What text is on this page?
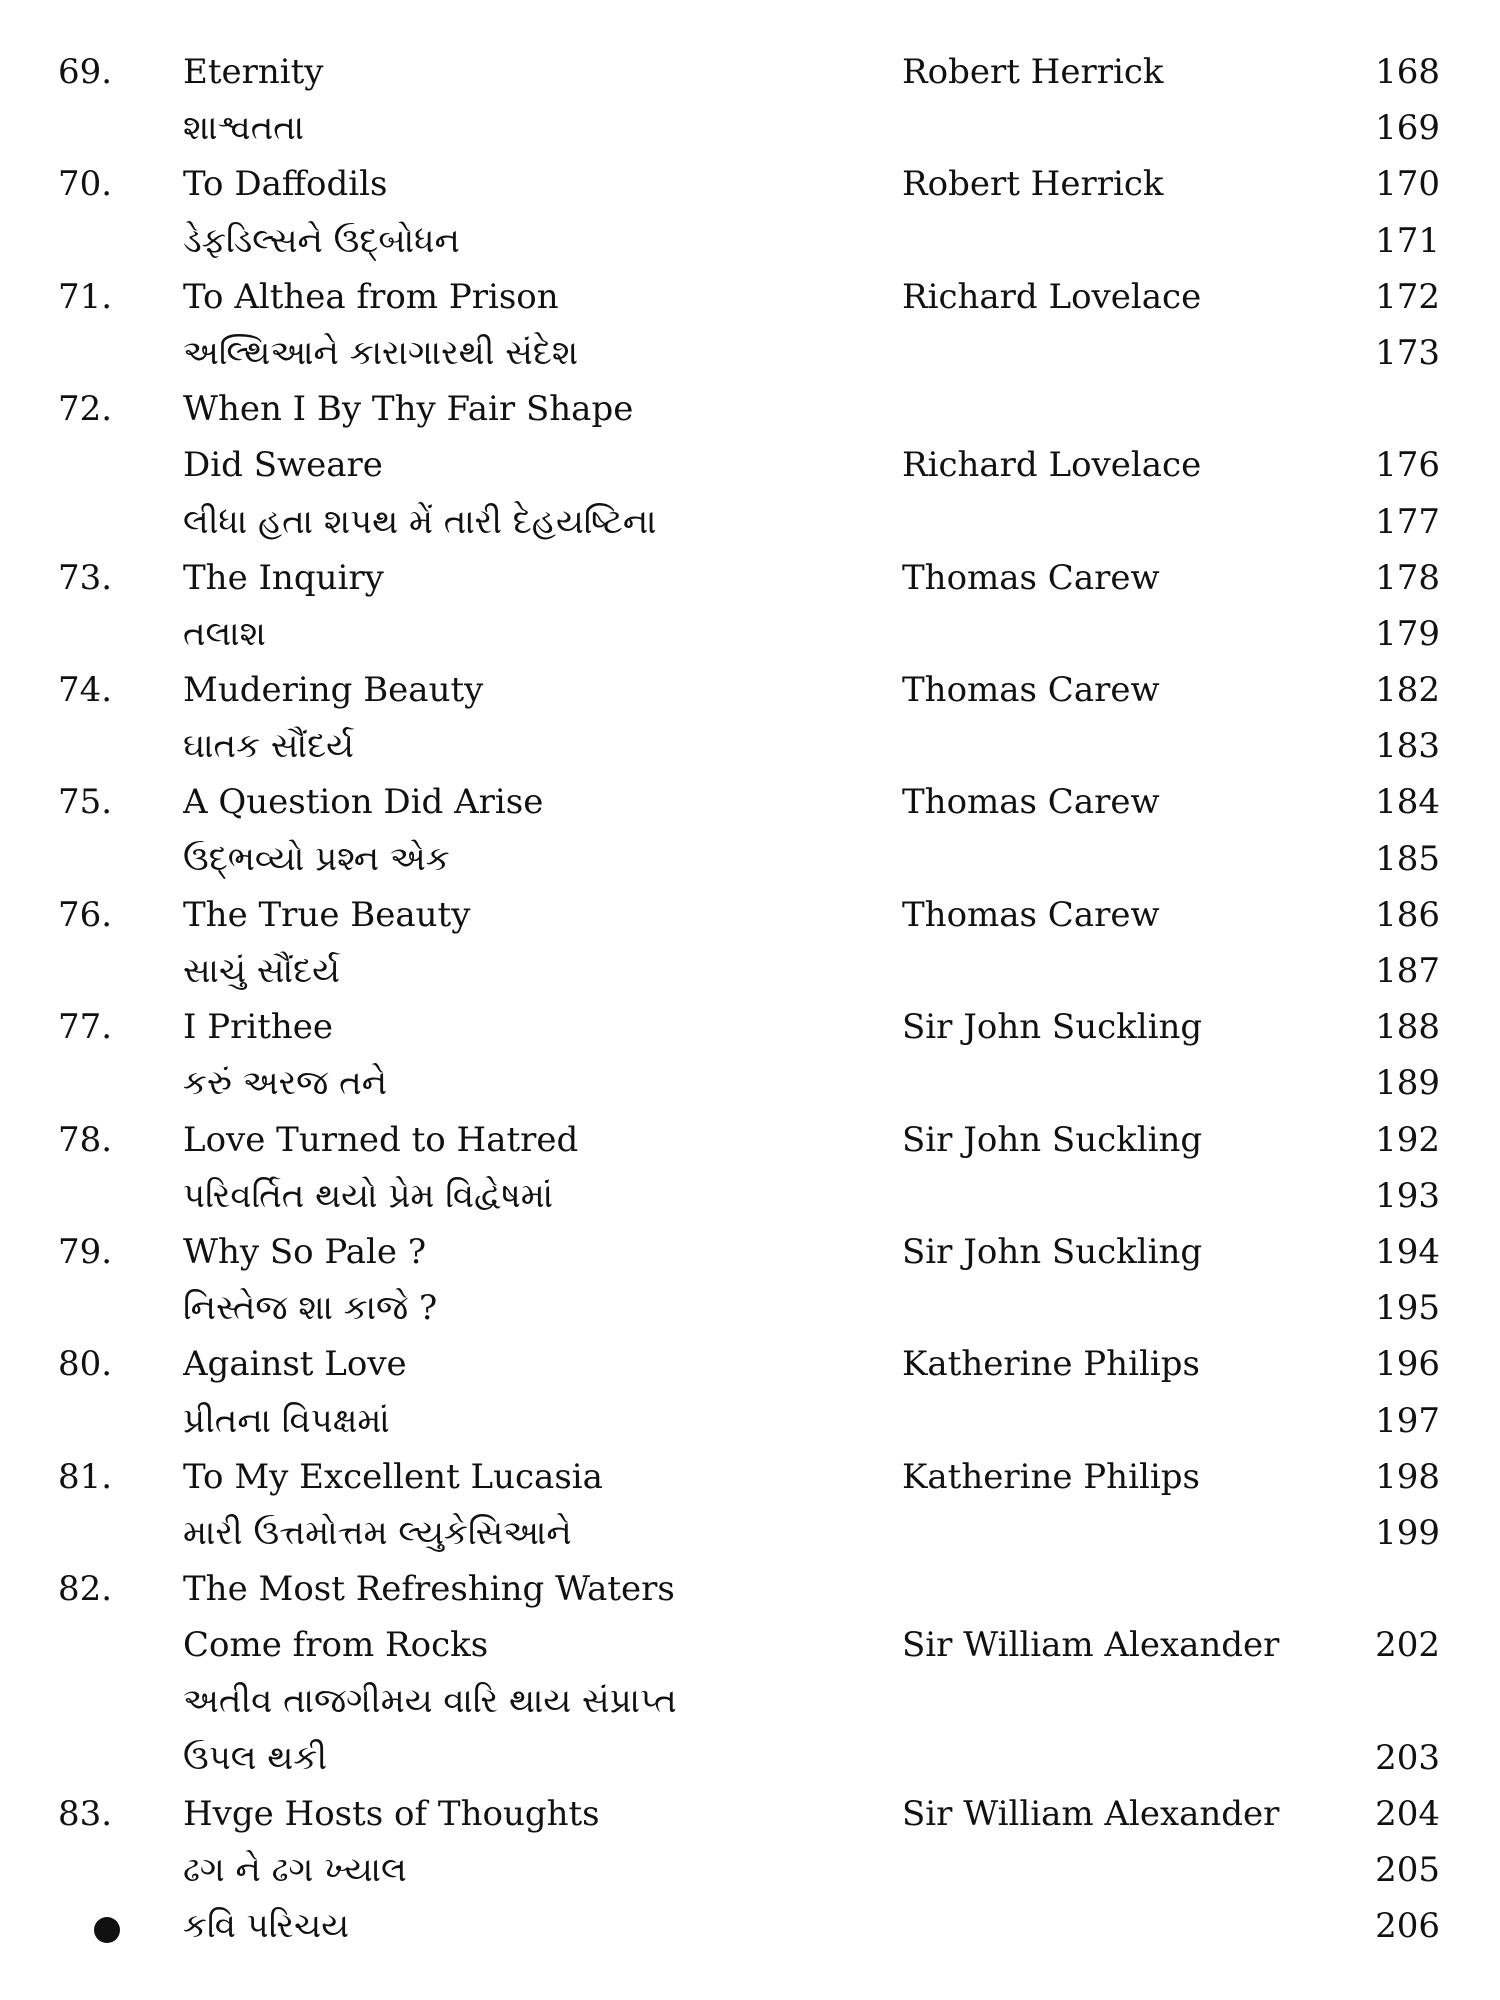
69.	Eternity	Robert Herrick	168
શાશ્વતતા	169
70.	To Daffodils	Robert Herrick	170
ડેફડિલ્સને ઉદ્‌બોધન	171
71.	To Althea from Prison	Richard Lovelace	172
અલ્થિઆને કારાગારથી સંદેશ	173
72.	When I By Thy Fair Shape
Did Sweare	Richard Lovelace	176
લીધા હતા શપથ મેં તારી દેહયષ્ટિના	177
73.	The Inquiry	Thomas Carew	178
તલાશ	179
74.	Mudering Beauty	Thomas Carew	182
ઘાતક સૌંદર્ય	183
75.	A Question Did Arise	Thomas Carew	184
ઉદ્‌ભવ્યો પ્રશ્ન એક	185
76.	The True Beauty	Thomas Carew	186
સાચું સૌંદર્ય	187
77.	I Prithee	Sir John Suckling	188
કરું અરજ તને	189
78.	Love Turned to Hatred	Sir John Suckling	192
પરિવર્તિત થયો પ્રેમ વિદ્વેષમાં	193
79.	Why So Pale ?	Sir John Suckling	194
નિસ્તેજ શા કાજે ?	195
80.	Against Love	Katherine Philips	196
પ્રીતના વિપક્ષમાં	197
81.	To My Excellent Lucasia	Katherine Philips	198
મારી ઉત્તમોત્તમ લ્યુકેસિઆને	199
82.	The Most Refreshing Waters
Come from Rocks	Sir William Alexander	202
અતીવ તાજગીમય વારિ થાય સંપ્રાપ્ત
ઉપલ થકી	203
83.	Hvge Hosts of Thoughts	Sir William Alexander	204
ઢગ ને ઢગ ખ્યાલ	205
કવિ પરિચય	206
